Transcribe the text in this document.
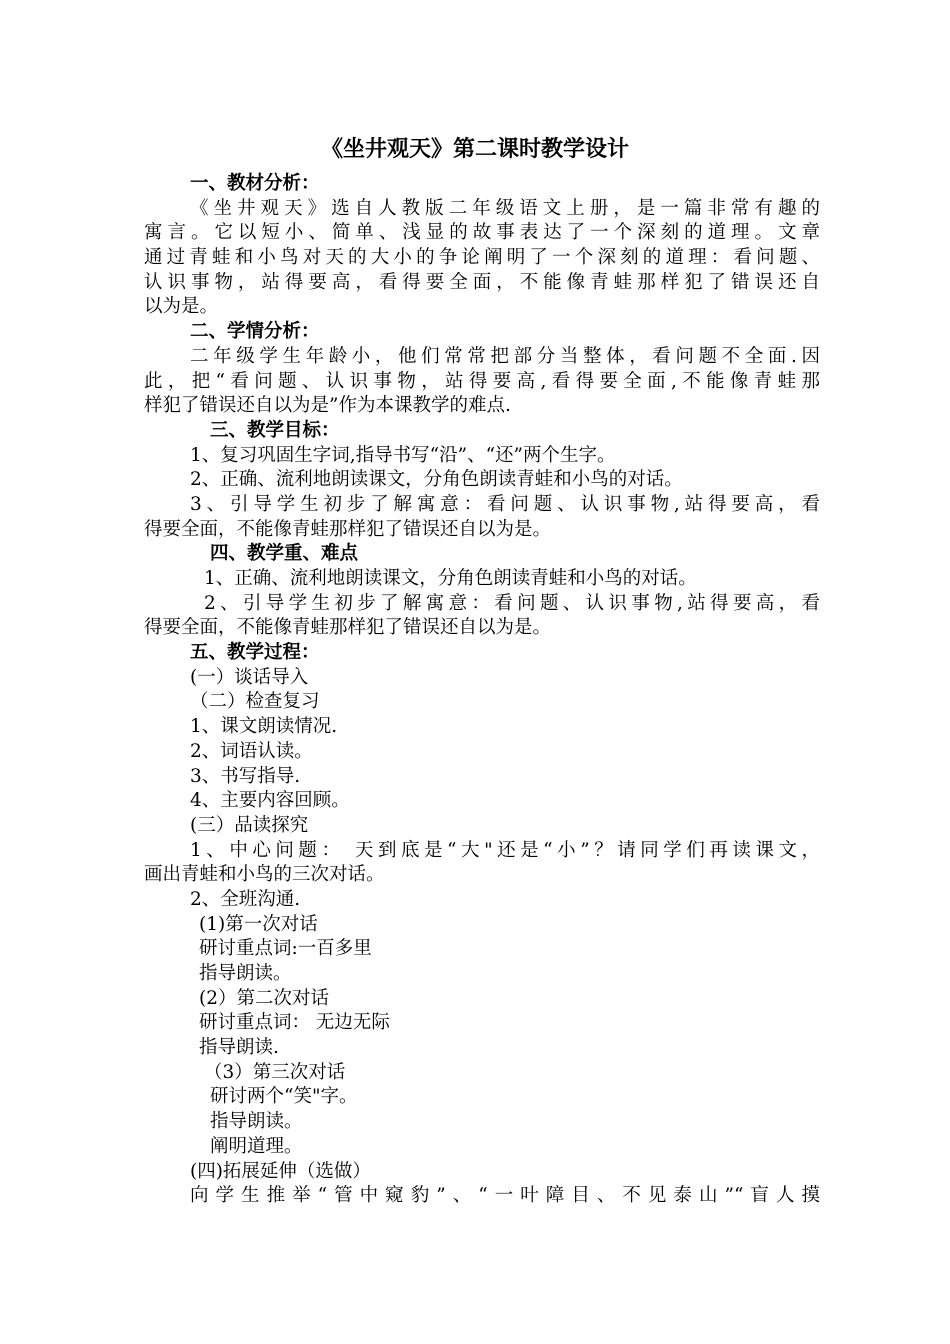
《坐井观天》第二课时教学设计
一、教材分析：
《坐井观天》选自人教版二年级语文上册，是一篇非常有趣的
寓言。它以短小、简单、浅显的故事表达了一个深刻的道理。文章
通过青蛙和小鸟对天的大小的争论阐明了一个深刻的道理：看问题、
认识事物，站得要高，看得要全面，不能像青蛙那样犯了错误还自
以为是。
二、学情分析：
二年级学生年龄小，他们常常把部分当整体，看问题不全面.因
此，把“看问题、认识事物，站得要高,看得要全面,不能像青蛙那
样犯了错误还自以为是”作为本课教学的难点.
三、教学目标：
1、复习巩固生字词,指导书写“沿”、“还”两个生字。
2、正确、流利地朗读课文，分角色朗读青蛙和小鸟的对话。
3、引导学生初步了解寓意：看问题、认识事物,站得要高，看
得要全面，不能像青蛙那样犯了错误还自以为是。
四、教学重、难点
1、正确、流利地朗读课文，分角色朗读青蛙和小鸟的对话。
2、引导学生初步了解寓意：看问题、认识事物,站得要高，看
得要全面，不能像青蛙那样犯了错误还自以为是。
五、教学过程：
(一）谈话导入
（二）检查复习
1、课文朗读情况.
2、词语认读。
3、书写指导.
4、主要内容回顾。
(三）品读探究
1、中心问题： 天到底是“大"还是“小”？请同学们再读课文，
画出青蛙和小鸟的三次对话。
2、全班沟通.
(1)第一次对话
研讨重点词:一百多里
指导朗读。
(2）第二次对话
研讨重点词： 无边无际
指导朗读.
（3）第三次对话
研讨两个“笑"字。
指导朗读。
阐明道理。
(四)拓展延伸（选做）
向学生推举“管中窥豹”、“一叶障目、不见泰山”“盲人摸
